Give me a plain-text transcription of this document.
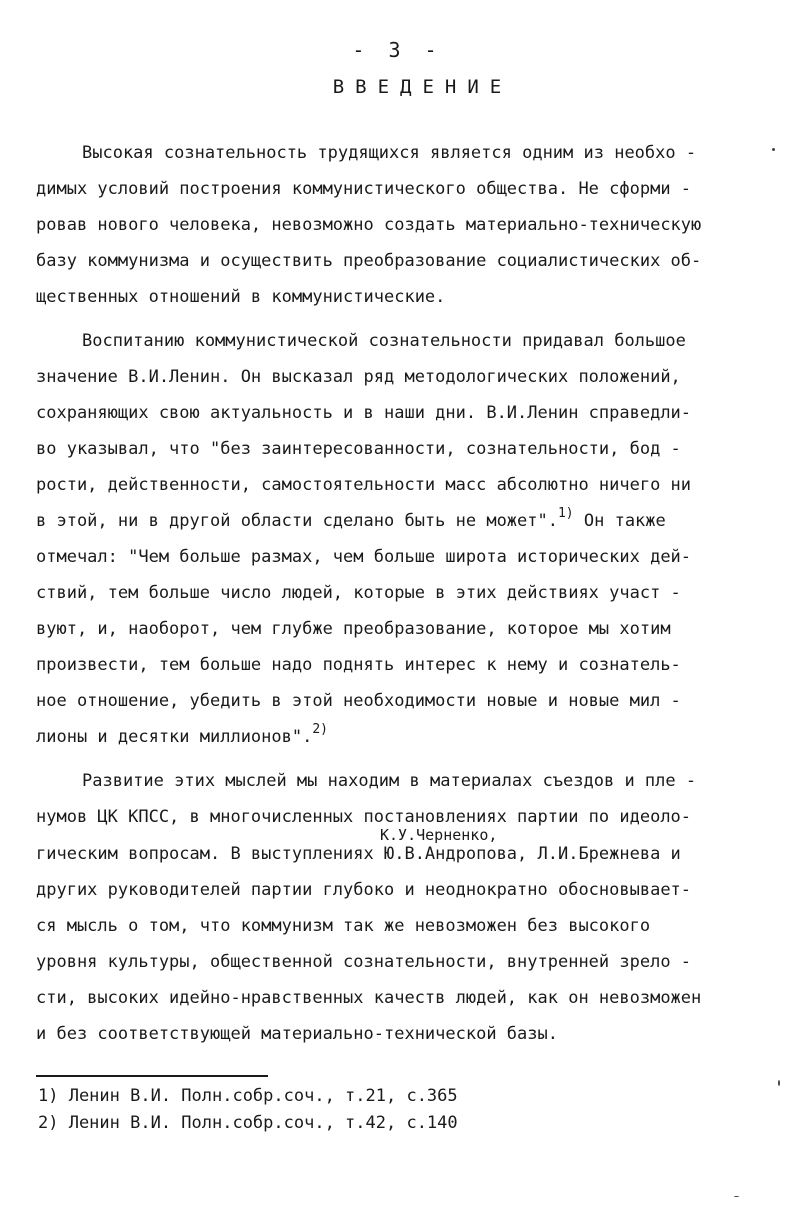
- 3 -
ВВЕДЕНИЕ
Высокая сознательность трудящихся является одним из необхо -
димых условий построения коммунистического общества. Не сформи -
ровав нового человека, невозможно создать материально-техническую
базу коммунизма и осуществить преобразование социалистических об-
щественных отношений в коммунистические.
Воспитанию коммунистической сознательности придавал большое
значение В.И.Ленин. Он высказал ряд методологических положений,
сохраняющих свою актуальность и в наши дни. В.И.Ленин справедли-
во указывал, что "без заинтересованности, сознательности, бод -
рости, действенности, самостоятельности масс абсолютно ничего ни
в этой, ни в другой области сделано быть не может".$^{1)}$ Он также
отмечал: "Чем больше размах, чем больше широта исторических дей-
ствий, тем больше число людей, которые в этих действиях участ -
вуют, и, наоборот, чем глубже преобразование, которое мы хотим
произвести, тем больше надо поднять интерес к нему и сознатель-
ное отношение, убедить в этой необходимости новые и новые мил -
лионы и десятки миллионов".$^{2)}$
Развитие этих мыслей мы находим в материалах съездов и пле -
нумов ЦК КПСС, в многочисленных постановлениях партии по идеоло-
К.У.Черненко,
гическим вопросам. В выступлениях Ю.В.Андропова, Л.И.Брежнева и
других руководителей партии глубоко и неоднократно обосновывает-
ся мысль о том, что коммунизм так же невозможен без высокого
уровня культуры, общественной сознательности, внутренней зрело -
сти, высоких идейно-нравственных качеств людей, как он невозможен
и без соответствующей материально-технической базы.
1) Ленин В.И. Полн.собр.соч., т.21, с.365
2) Ленин В.И. Полн.собр.соч., т.42, с.140
